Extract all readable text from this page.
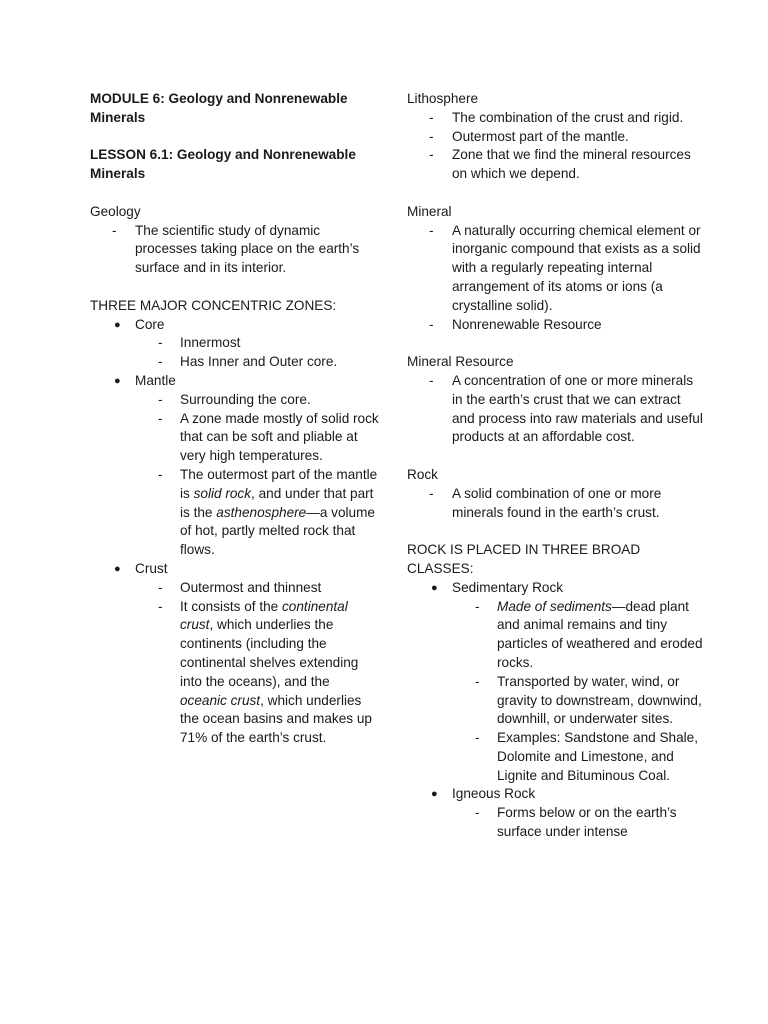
MODULE 6: Geology and Nonrenewable Minerals

LESSON 6.1: Geology and Nonrenewable Minerals

Geology

- The scientific study of dynamic processes taking place on the earth’s surface and in its interior.

THREE MAJOR CONCENTRIC ZONES:

● Core
- Innermost
- Has Inner and Outer core.
● Mantle
- Surrounding the core.
- A zone made mostly of solid rock that can be soft and pliable at very high temperatures.
- The outermost part of the mantle is solid rock, and under that part is the asthenosphere—a volume of hot, partly melted rock that flows.
● Crust
- Outermost and thinnest
- It consists of the continental crust, which underlies the continents (including the continental shelves extending into the oceans), and the oceanic crust, which underlies the ocean basins and makes up 71% of the earth’s crust.

Lithosphere

- The combination of the crust and rigid.
- Outermost part of the mantle.
- Zone that we find the mineral resources on which we depend.

Mineral

- A naturally occurring chemical element or inorganic compound that exists as a solid with a regularly repeating internal arrangement of its atoms or ions (a crystalline solid).
- Nonrenewable Resource

Mineral Resource

- A concentration of one or more minerals in the earth’s crust that we can extract and process into raw materials and useful products at an affordable cost.

Rock

- A solid combination of one or more minerals found in the earth’s crust.

ROCK IS PLACED IN THREE BROAD CLASSES:

● Sedimentary Rock
- Made of sediments—dead plant and animal remains and tiny particles of weathered and eroded rocks.
- Transported by water, wind, or gravity to downstream, downwind, downhill, or underwater sites.
- Examples: Sandstone and Shale, Dolomite and Limestone, and Lignite and Bituminous Coal.
● Igneous Rock
- Forms below or on the earth’s surface under intense
